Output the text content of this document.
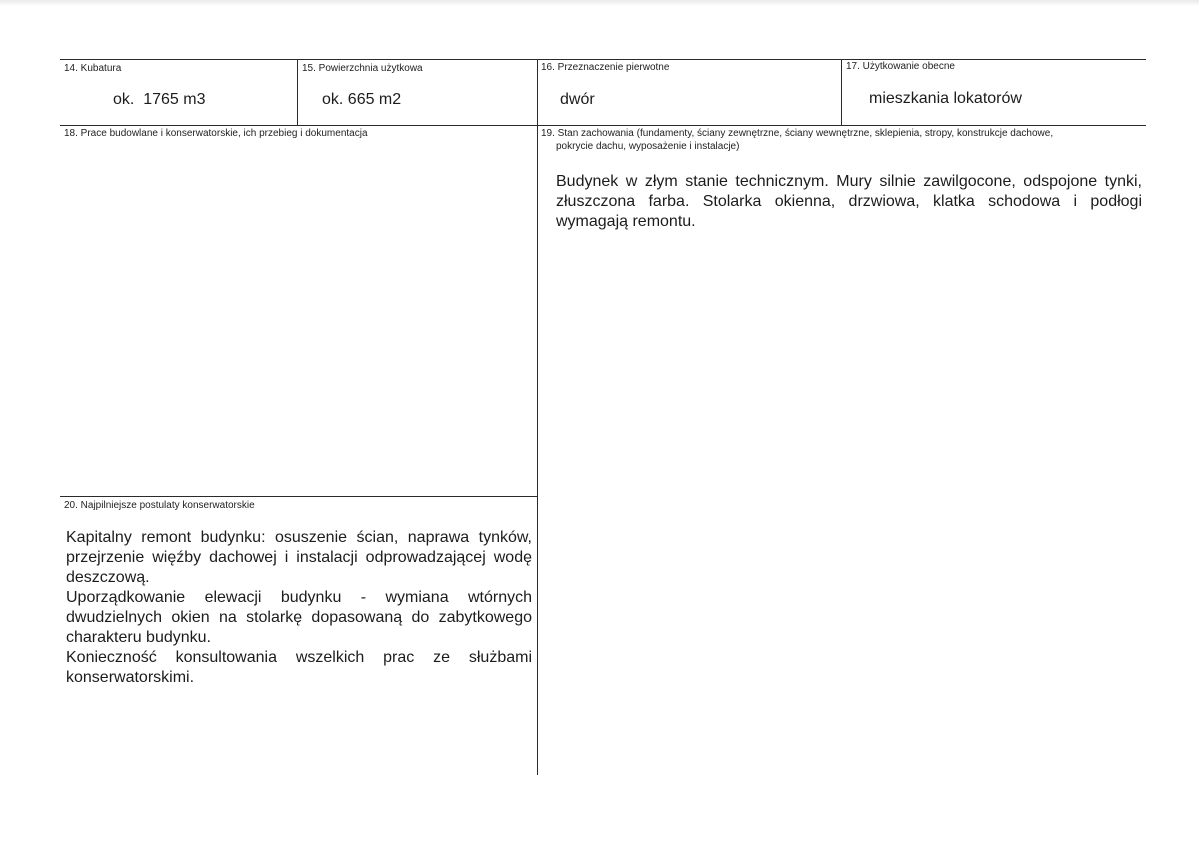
14. Kubatura
ok.  1765 m3
15. Powierzchnia użytkowa
ok. 665 m2
16. Przeznaczenie pierwotne
dwór
17. Użytkowanie obecne
mieszkania lokatorów
18. Prace budowlane i konserwatorskie, ich przebieg i dokumentacja	19. Stan zachowania (fundamenty, ściany zewnętrzne, ściany wewnętrzne, sklepienia, stropy, konstrukcje dachowe,
pokrycie dachu, wyposażenie i instalacje)
Budynek w złym stanie technicznym. Mury silnie zawilgocone, odspojone tynki, złuszczona farba. Stolarka okienna, drzwiowa, klatka schodowa i podłogi wymagają remontu.
20. Najpilniejsze postulaty konserwatorskie

Kapitalny remont budynku: osuszenie ścian, naprawa tynków, przejrzenie więźby dachowej i instalacji odprowadzającej wodę deszczową.

Uporządkowanie elewacji budynku - wymiana wtórnych dwudzielnych okien na stolarkę dopasowaną do zabytkowego charakteru budynku.

Konieczność konsultowania wszelkich prac ze służbami konserwatorskimi.
